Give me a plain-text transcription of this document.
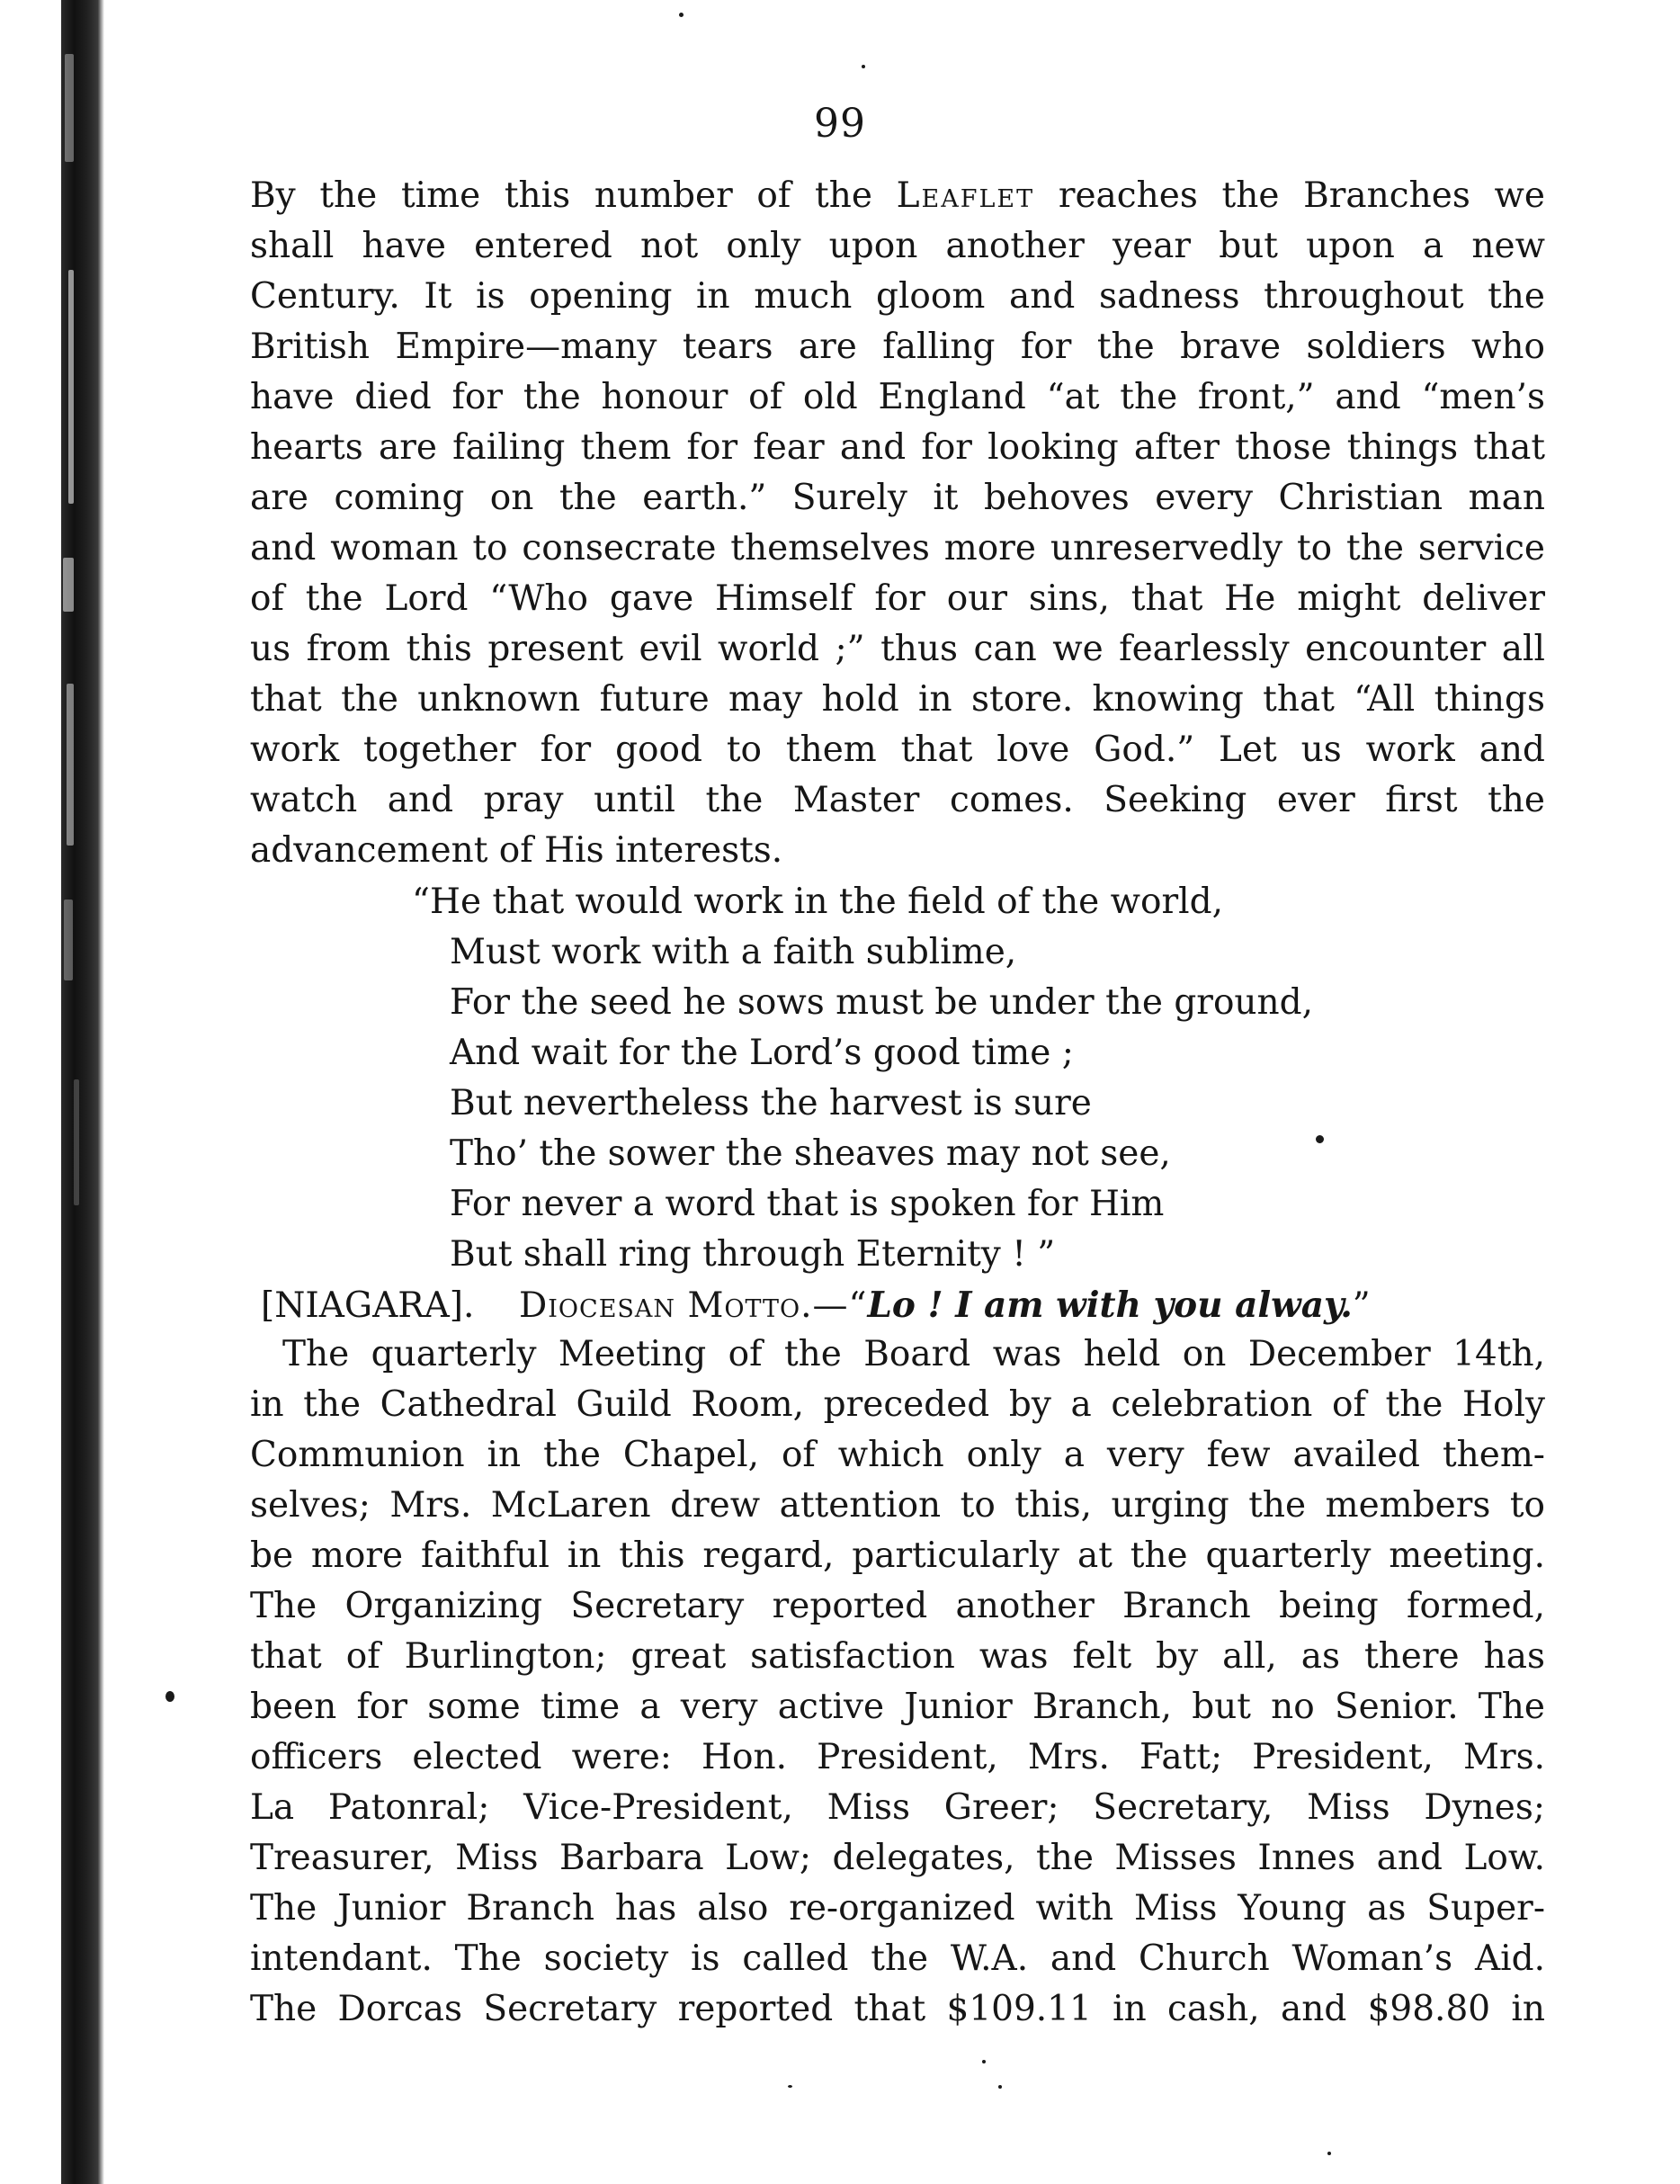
99
By the time this number of the Leaflet reaches the Branches we
shall have entered not only upon another year but upon a new
Century. It is opening in much gloom and sadness throughout the
British Empire—many tears are falling for the brave soldiers who
have died for the honour of old England “at the front,” and “men’s
hearts are failing them for fear and for looking after those things that
are coming on the earth.” Surely it behoves every Christian man
and woman to consecrate themselves more unreservedly to the service
of the Lord “Who gave Himself for our sins, that He might deliver
us from this present evil world ;” thus can we fearlessly encounter all
that the unknown future may hold in store. knowing that “All things
work together for good to them that love God.” Let us work and
watch and pray until the Master comes. Seeking ever first the
advancement of His interests.
“He that would work in the field of the world,
Must work with a faith sublime,
For the seed he sows must be under the ground,
And wait for the Lord’s good time ;
But nevertheless the harvest is sure
Tho’ the sower the sheaves may not see,
For never a word that is spoken for Him
But shall ring through Eternity ! ”
[NIAGARA]. Diocesan Motto.—“Lo ! I am with you alway.”
The quarterly Meeting of the Board was held on December 14th,
in the Cathedral Guild Room, preceded by a celebration of the Holy
Communion in the Chapel, of which only a very few availed them-
selves; Mrs. McLaren drew attention to this, urging the members to
be more faithful in this regard, particularly at the quarterly meeting.
The Organizing Secretary reported another Branch being formed,
that of Burlington; great satisfaction was felt by all, as there has
been for some time a very active Junior Branch, but no Senior. The
officers elected were: Hon. President, Mrs. Fatt; President, Mrs.
La Patonral; Vice-President, Miss Greer; Secretary, Miss Dynes;
Treasurer, Miss Barbara Low; delegates, the Misses Innes and Low.
The Junior Branch has also re-organized with Miss Young as Super-
intendant. The society is called the W.A. and Church Woman’s Aid.
The Dorcas Secretary reported that $109.11 in cash, and $98.80 in
